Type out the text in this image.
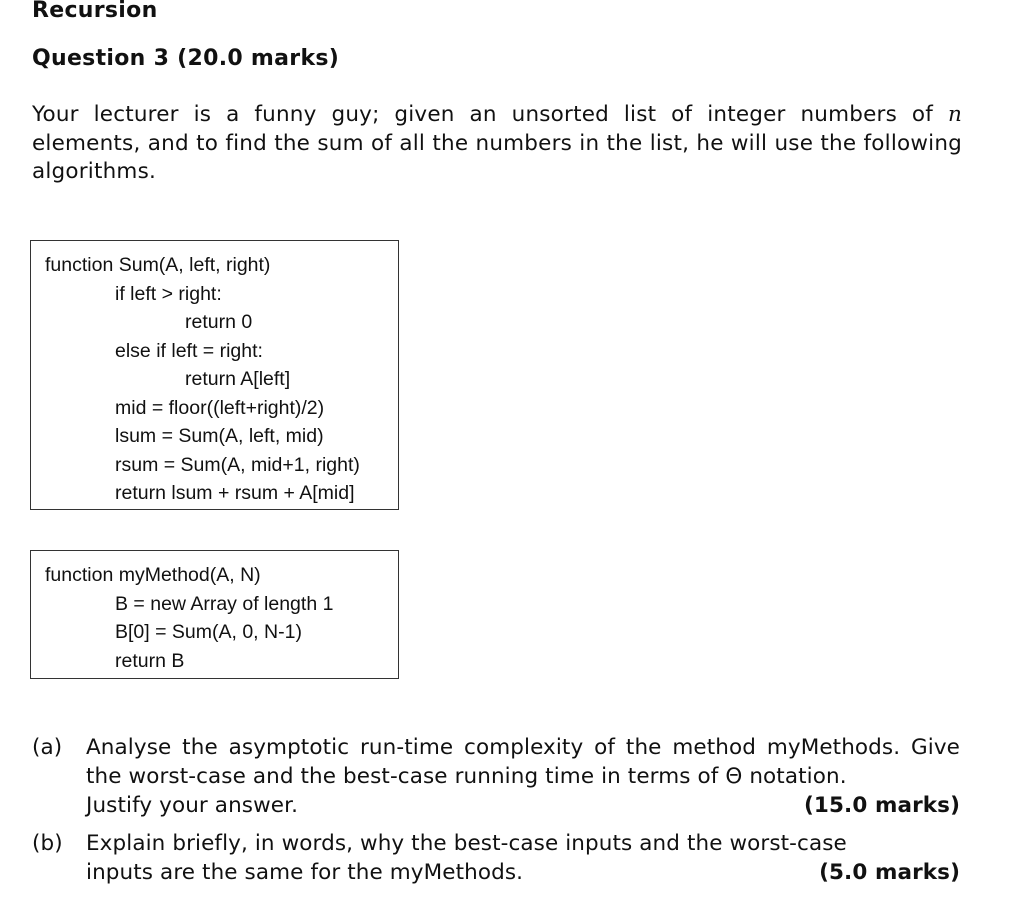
Recursion
Question 3 (20.0 marks)

Your lecturer is a funny guy; given an unsorted list of integer numbers of n elements, and to find the sum of all the numbers in the list, he will use the following algorithms.

function Sum(A, left, right)
if left > right:
return 0
else if left = right:
return A[left]
mid = floor((left+right)/2)
lsum = Sum(A, left, mid)
rsum = Sum(A, mid+1, right)
return lsum + rsum + A[mid]
function myMethod(A, N)
B = new Array of length 1
B[0] = Sum(A, 0, N-1)
return B
(a) Analyse the asymptotic run-time complexity of the method myMethods. Give the worst-case and the best-case running time in terms of Θ notation.
Justify your answer.	(15.0 marks)
(b) Explain briefly, in words, why the best-case inputs and the worst-case
inputs are the same for the myMethods.	(5.0 marks)
